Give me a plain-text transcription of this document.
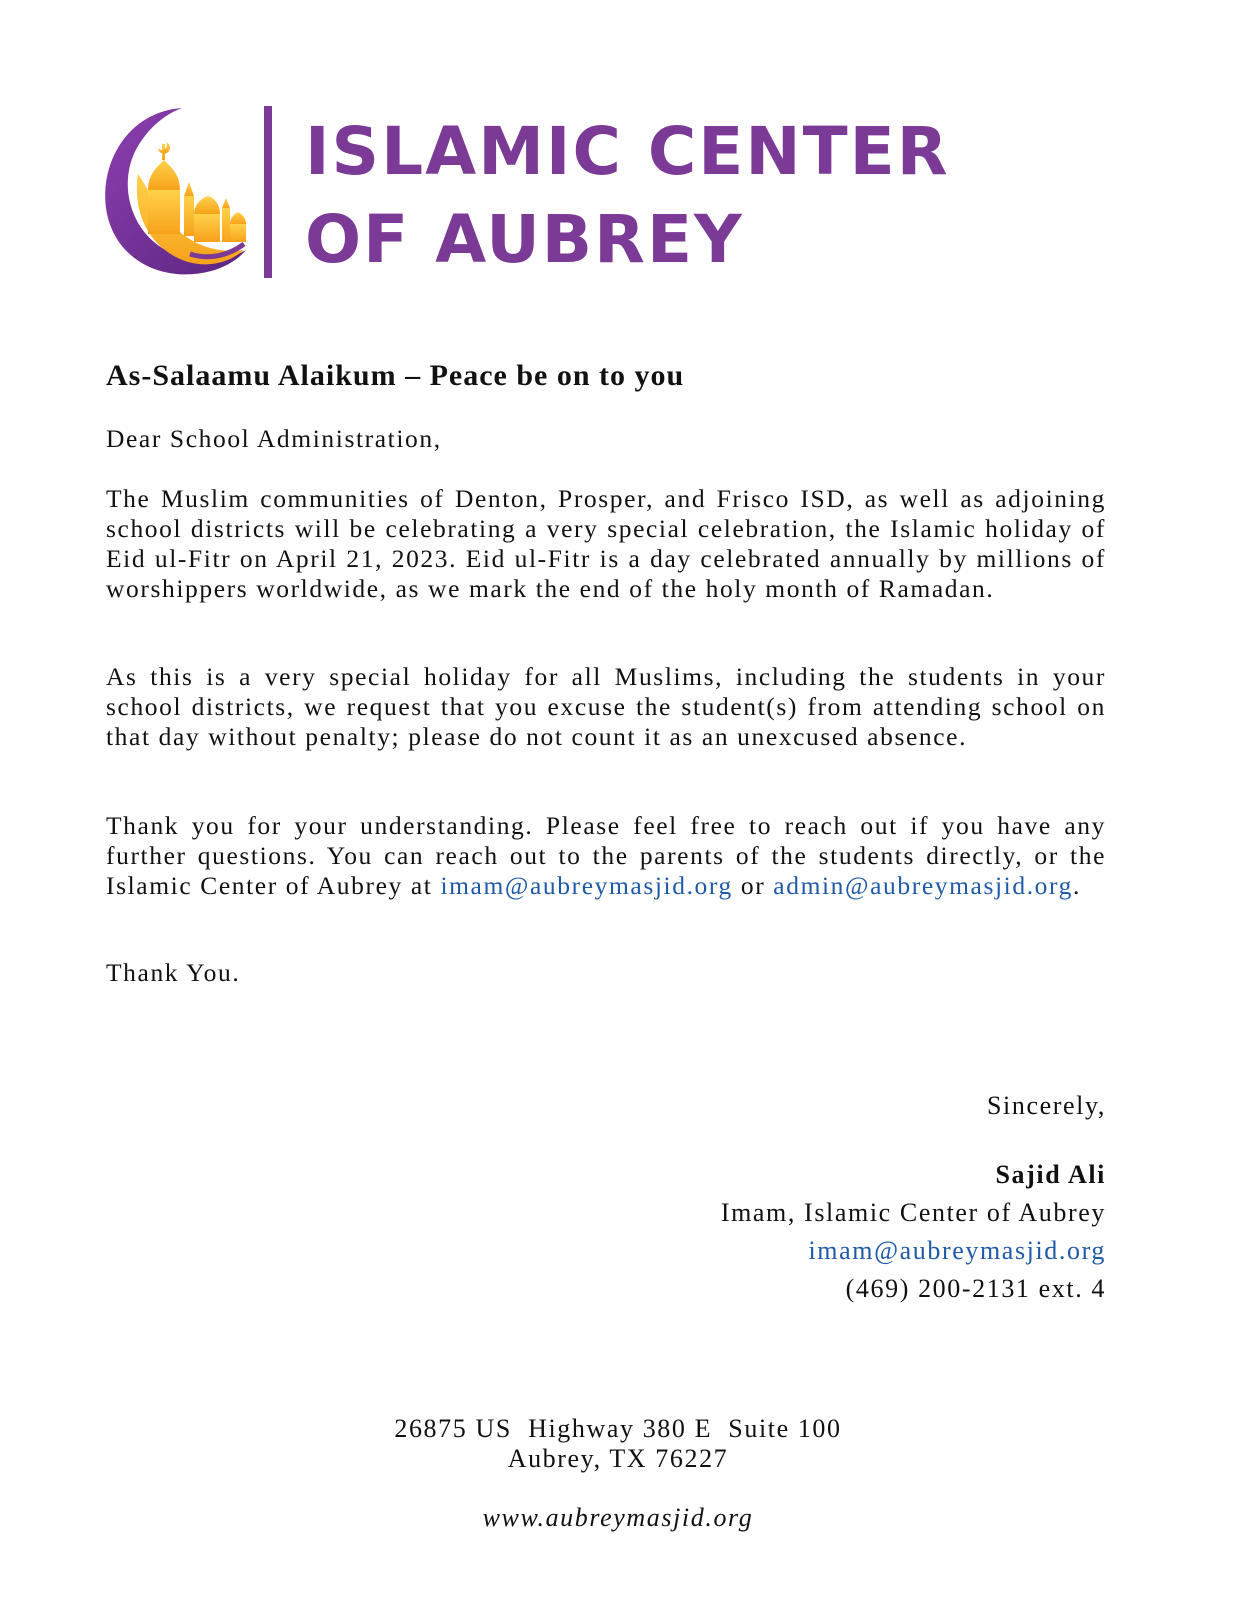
ISLAMIC CENTER
OF AUBREY

As-Salaamu Alaikum – Peace be on to you

Dear School Administration,

The Muslim communities of Denton, Prosper, and Frisco ISD, as well as adjoining school districts will be celebrating a very special celebration, the Islamic holiday of Eid ul-Fitr on April 21, 2023. Eid ul-Fitr is a day celebrated annually by millions of worshippers worldwide, as we mark the end of the holy month of Ramadan.

As this is a very special holiday for all Muslims, including the students in your school districts, we request that you excuse the student(s) from attending school on that day without penalty; please do not count it as an unexcused absence.

Thank you for your understanding. Please feel free to reach out if you have any further questions. You can reach out to the parents of the students directly, or the Islamic Center of Aubrey at imam@aubreymasjid.org or admin@aubreymasjid.org.

Thank You.

Sincerely,
Sajid Ali
Imam, Islamic Center of Aubrey
imam@aubreymasjid.org
(469) 200-2131 ext. 4
26875 US  Highway 380 E  Suite 100
Aubrey, TX 76227
www.aubreymasjid.org
